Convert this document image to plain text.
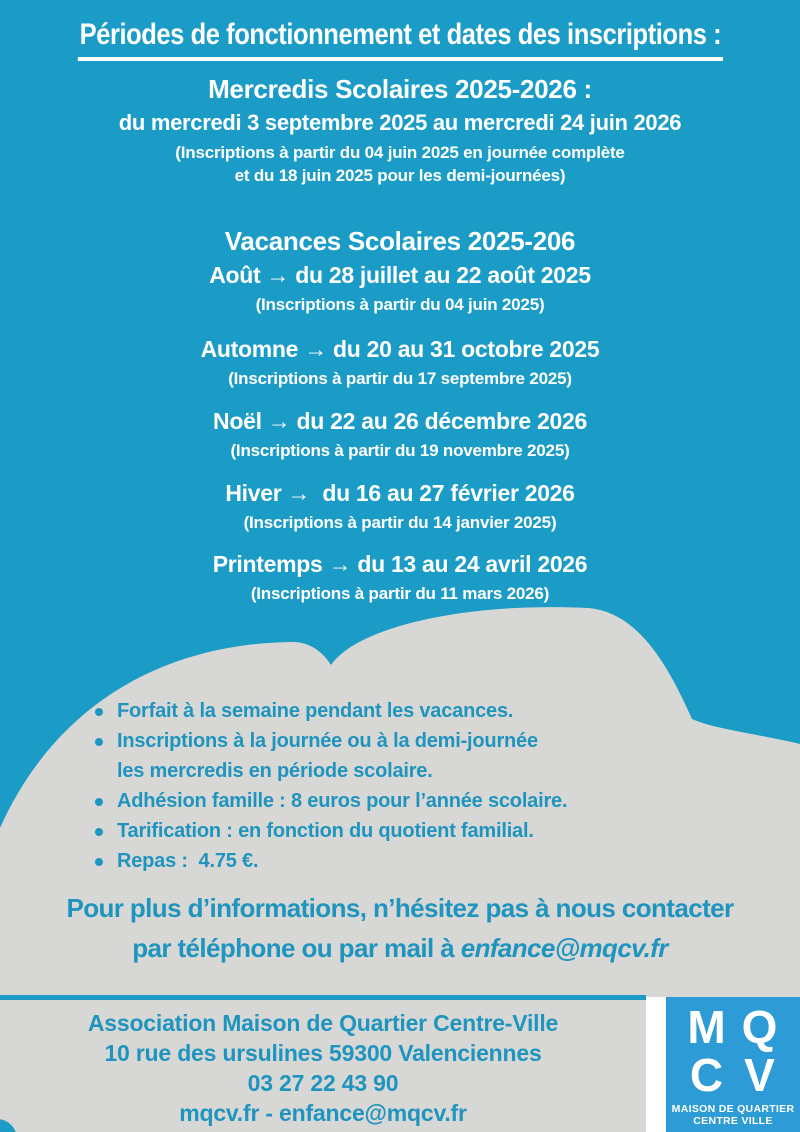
Périodes de fonctionnement et dates des inscriptions :
Mercredis Scolaires 2025-2026 :
du mercredi 3 septembre 2025 au mercredi 24 juin 2026
(Inscriptions à partir du 04 juin 2025 en journée complète
et du 18 juin 2025 pour les demi-journées)
Vacances Scolaires 2025-206
Août → du 28 juillet au 22 août 2025
(Inscriptions à partir du 04 juin 2025)
Automne → du 20 au 31 octobre 2025
(Inscriptions à partir du 17 septembre 2025)
Noël → du 22 au 26 décembre 2026
(Inscriptions à partir du 19 novembre 2025)
Hiver →  du 16 au 27 février 2026
(Inscriptions à partir du 14 janvier 2025)
Printemps → du 13 au 24 avril 2026
(Inscriptions à partir du 11 mars 2026)
Forfait à la semaine pendant les vacances.
Inscriptions à la journée ou à la demi-journée
les mercredis en période scolaire.
Adhésion famille : 8 euros pour l’année scolaire.
Tarification : en fonction du quotient familial.
Repas :  4.75 €.
Pour plus d’informations, n’hésitez pas à nous contacter
par téléphone ou par mail à enfance@mqcv.fr
Association Maison de Quartier Centre-Ville
10 rue des ursulines 59300 Valenciennes
03 27 22 43 90
mqcv.fr - enfance@mqcv.fr
M Q
C V
MAISON DE QUARTIER
CENTRE VILLE
